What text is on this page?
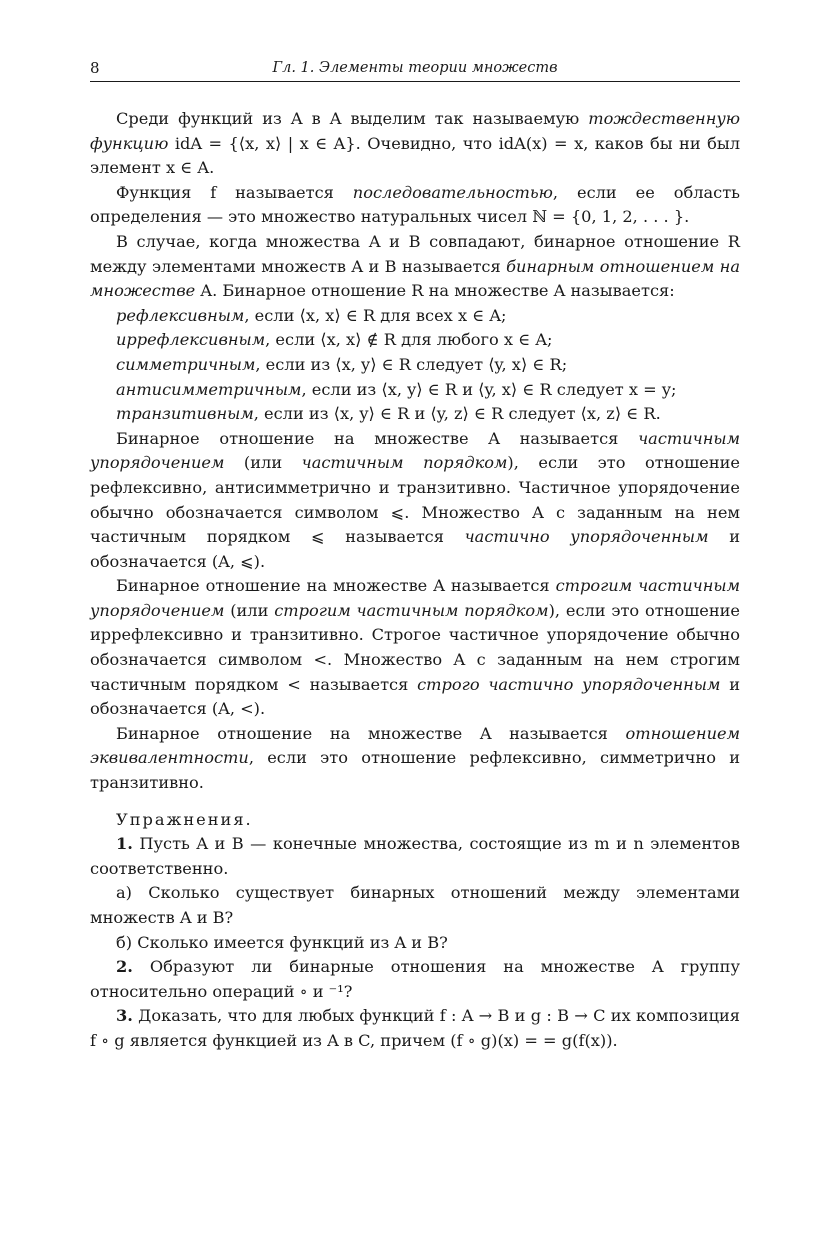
8	Гл. 1. Элементы теории множеств

Среди функций из A в A выделим так называемую тождественную функцию idA = {⟨x, x⟩ | x ∈ A}. Очевидно, что idA(x) = x, каков бы ни был элемент x ∈ A.

Функция f называется последовательностью, если ее область определения — это множество натуральных чисел ℕ = {0, 1, 2, . . . }.

В случае, когда множества A и B совпадают, бинарное отношение R между элементами множеств A и B называется бинарным отношением на множестве A. Бинарное отношение R на множестве A называется:

рефлексивным, если ⟨x, x⟩ ∈ R для всех x ∈ A;

иррефлексивным, если ⟨x, x⟩ ∉ R для любого x ∈ A;

симметричным, если из ⟨x, y⟩ ∈ R следует ⟨y, x⟩ ∈ R;

антисимметричным, если из ⟨x, y⟩ ∈ R и ⟨y, x⟩ ∈ R следует x = y;

транзитивным, если из ⟨x, y⟩ ∈ R и ⟨y, z⟩ ∈ R следует ⟨x, z⟩ ∈ R.

Бинарное отношение на множестве A называется частичным упорядочением (или частичным порядком), если это отношение рефлексивно, антисимметрично и транзитивно. Частичное упорядочение обычно обозначается символом ⩽. Множество A с заданным на нем частичным порядком ⩽ называется частично упорядоченным и обозначается (A, ⩽).

Бинарное отношение на множестве A называется строгим частичным упорядочением (или строгим частичным порядком), если это отношение иррефлексивно и транзитивно. Строгое частичное упорядочение обычно обозначается символом <. Множество A с заданным на нем строгим частичным порядком < называется строго частично упорядоченным и обозначается (A, <).

Бинарное отношение на множестве A называется отношением эквивалентности, если это отношение рефлексивно, симметрично и транзитивно.

Упражнения.

1. Пусть A и B — конечные множества, состоящие из m и n элементов соответственно.

а) Сколько существует бинарных отношений между элементами множеств A и B?

б) Сколько имеется функций из A и B?

2. Образуют ли бинарные отношения на множестве A группу относительно операций ∘ и ⁻¹?

3. Доказать, что для любых функций f : A → B и g : B → C их композиция f ∘ g является функцией из A в C, причем (f ∘ g)(x) = = g(f(x)).
